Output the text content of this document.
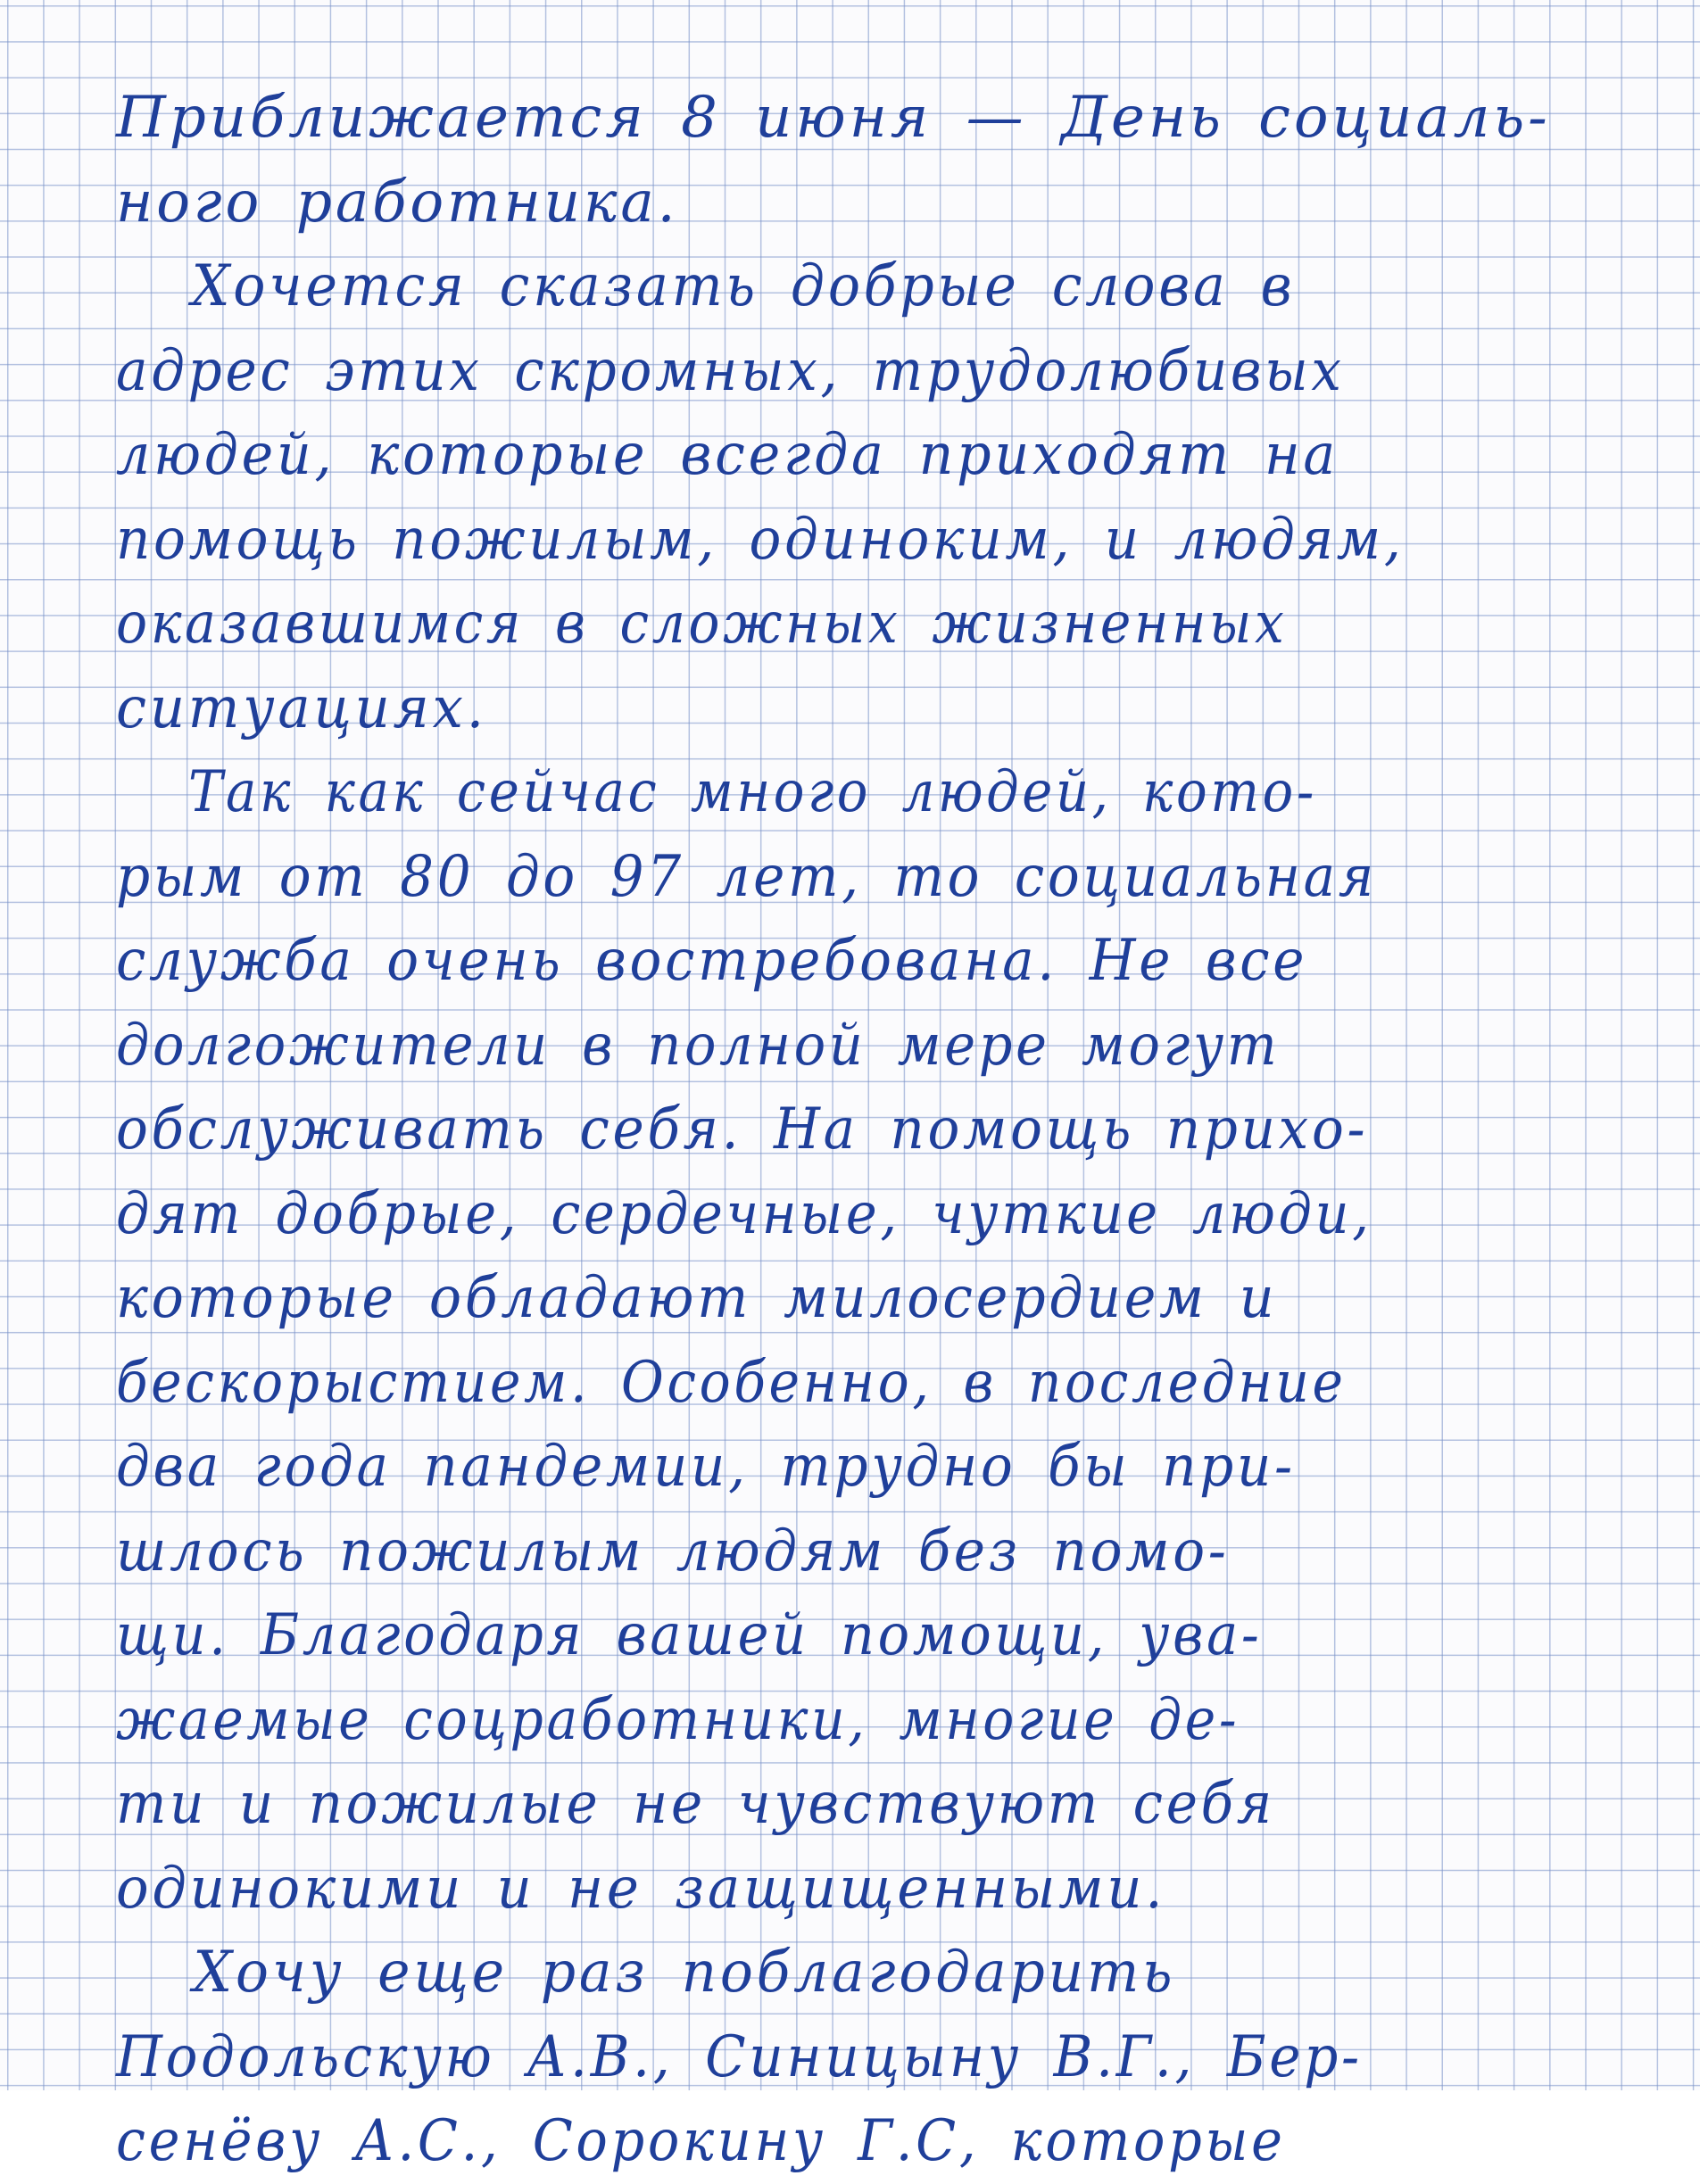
Приближается 8 июня — День социаль-
ного работника.
Хочется сказать добрые слова в
адрес этих скромных, трудолюбивых
людей, которые всегда приходят на
помощь пожилым, одиноким, и людям,
оказавшимся в сложных жизненных
ситуациях.
Так как сейчас много людей, кото-
рым от 80 до 97 лет, то социальная
служба очень востребована. Не все
долгожители в полной мере могут
обслуживать себя. На помощь прихо-
дят добрые, сердечные, чуткие люди,
которые обладают милосердием и
бескорыстием. Особенно, в последние
два года пандемии, трудно бы при-
шлось пожилым людям без помо-
щи. Благодаря вашей помощи, ува-
жаемые соцработники, многие де-
ти и пожилые не чувствуют себя
одинокими и не защищенными.
Хочу еще раз поблагодарить
Подольскую А.В., Синицыну В.Г., Бер-
сенёву А.С., Сорокину Г.С, которые
